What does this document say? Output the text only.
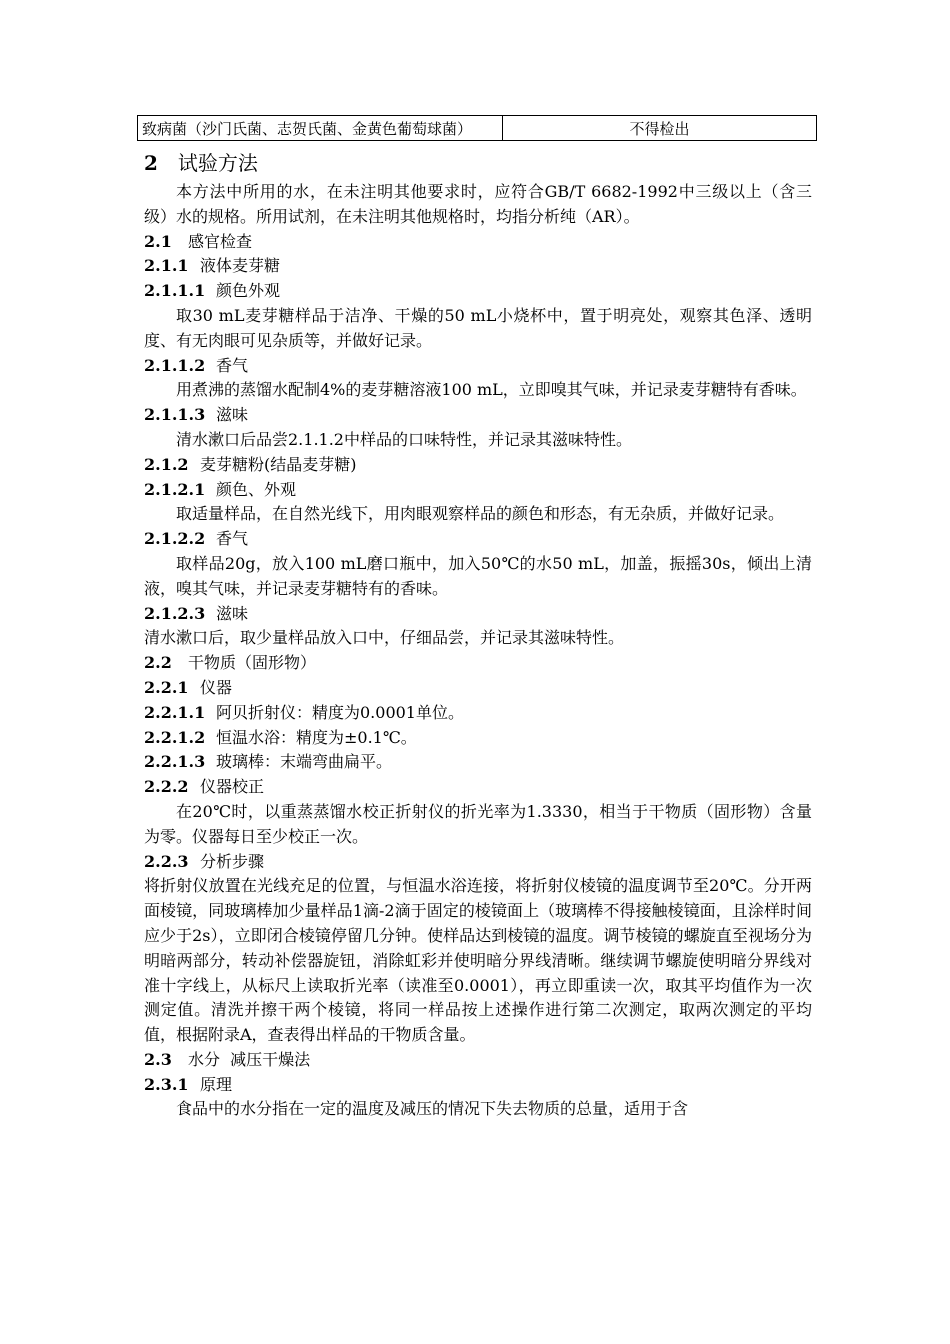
致病菌（沙门氏菌、志贺氏菌、金黄色葡萄球菌）	不得检出
2 试验方法
本方法中所用的水，在未注明其他要求时，应符合GB/T 6682-1992中三级以上（含三级）水的规格。所用试剂，在未注明其他规格时，均指分析纯（AR）。
2.1 感官检查
2.1.1 液体麦芽糖
2.1.1.1 颜色外观
取30 mL麦芽糖样品于洁净、干燥的50 mL小烧杯中，置于明亮处，观察其色泽、透明度、有无肉眼可见杂质等，并做好记录。
2.1.1.2 香气
用煮沸的蒸馏水配制4%的麦芽糖溶液100 mL，立即嗅其气味，并记录麦芽糖特有香味。
2.1.1.3 滋味
清水漱口后品尝2.1.1.2中样品的口味特性，并记录其滋味特性。
2.1.2 麦芽糖粉(结晶麦芽糖)
2.1.2.1 颜色、外观
取适量样品，在自然光线下，用肉眼观察样品的颜色和形态，有无杂质，并做好记录。
2.1.2.2 香气
取样品20g，放入100 mL磨口瓶中，加入50℃的水50 mL，加盖，振摇30s，倾出上清液，嗅其气味，并记录麦芽糖特有的香味。
2.1.2.3 滋味
清水漱口后，取少量样品放入口中，仔细品尝，并记录其滋味特性。
2.2 干物质（固形物）
2.2.1 仪器
2.2.1.1 阿贝折射仪：精度为0.0001单位。
2.2.1.2 恒温水浴：精度为±0.1℃。
2.2.1.3 玻璃棒：末端弯曲扁平。
2.2.2 仪器校正
在20℃时，以重蒸蒸馏水校正折射仪的折光率为1.3330，相当于干物质（固形物）含量为零。仪器每日至少校正一次。
2.2.3 分析步骤
将折射仪放置在光线充足的位置，与恒温水浴连接，将折射仪棱镜的温度调节至20℃。分开两面棱镜，同玻璃棒加少量样品1滴-2滴于固定的棱镜面上（玻璃棒不得接触棱镜面，且涂样时间应少于2s），立即闭合棱镜停留几分钟。使样品达到棱镜的温度。调节棱镜的螺旋直至视场分为明暗两部分，转动补偿器旋钮，消除虹彩并使明暗分界线清晰。继续调节螺旋使明暗分界线对准十字线上，从标尺上读取折光率（读准至0.0001），再立即重读一次，取其平均值作为一次测定值。清洗并擦干两个棱镜，将同一样品按上述操作进行第二次测定，取两次测定的平均值，根据附录A，查表得出样品的干物质含量。
2.3 水分  减压干燥法
2.3.1 原理
食品中的水分指在一定的温度及减压的情况下失去物质的总量，适用于含
